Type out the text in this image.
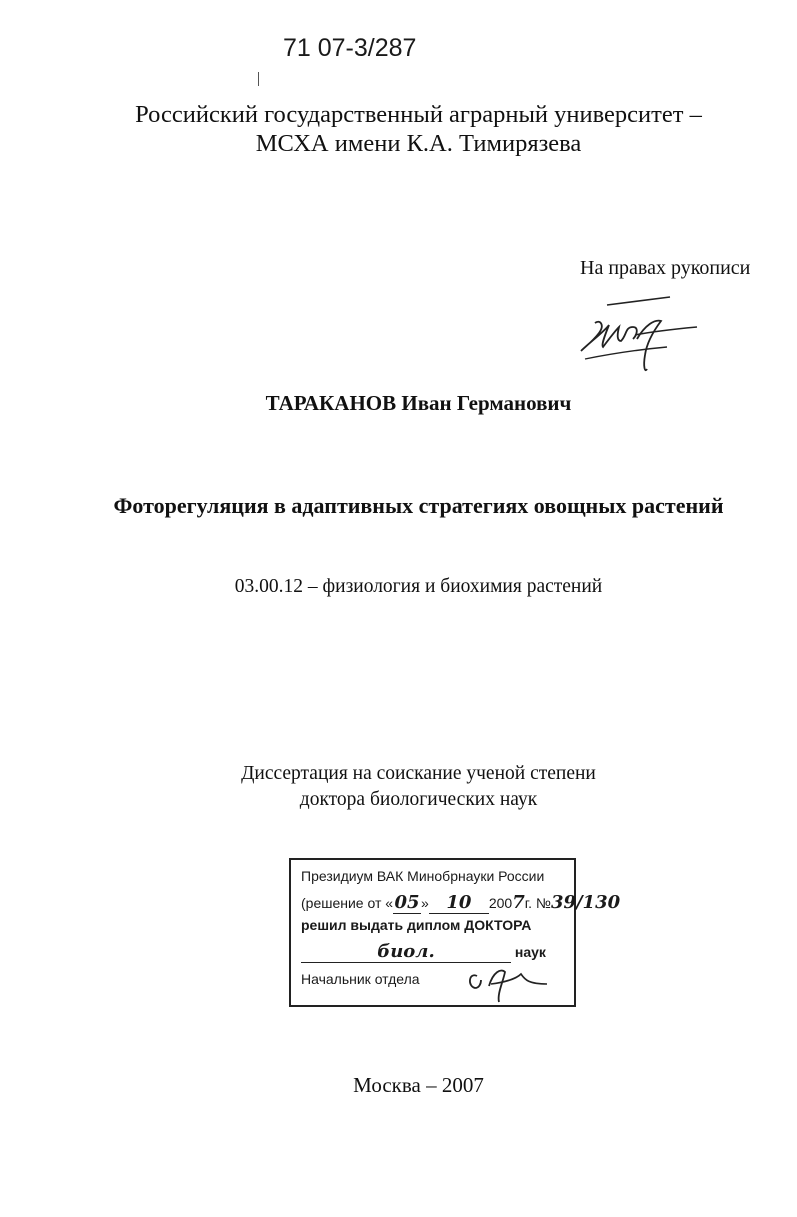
71 07-3/287
Российский государственный аграрный университет –
МСХА имени К.А. Тимирязева
На правах рукописи
ТАРАКАНОВ Иван Германович
Фоторегуляция в адаптивных стратегиях овощных растений
03.00.12 – физиология и биохимия растений
Диссертация на соискание ученой степени
доктора биологических наук
Президиум ВАК Минобрнауки России
(решение от «05» 10 2007г. №39/130
решил выдать диплом ДОКТОРА
биол.	наук
Начальник отдела
Москва – 2007
